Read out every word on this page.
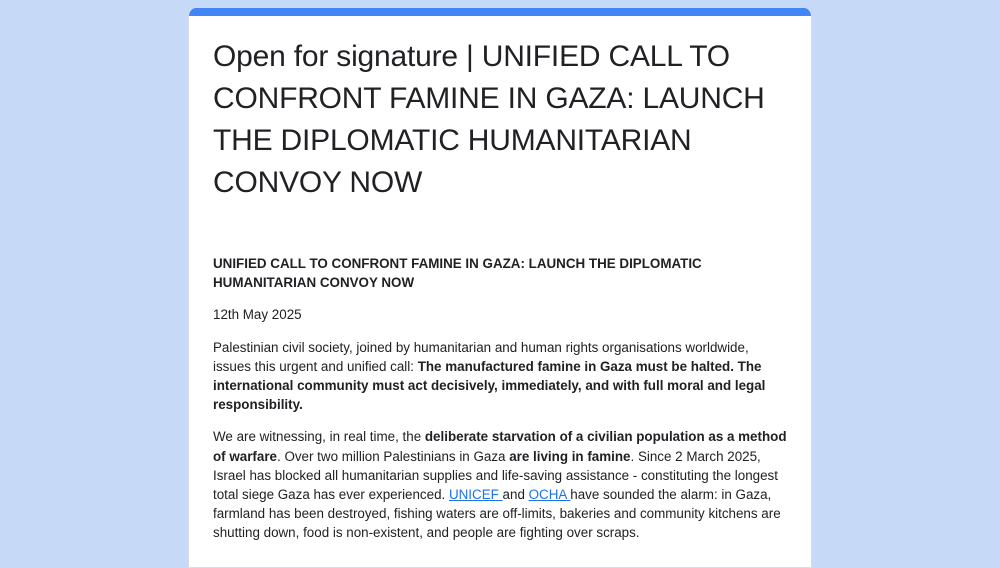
Open for signature | UNIFIED CALL TO CONFRONT FAMINE IN GAZA: LAUNCH THE DIPLOMATIC HUMANITARIAN CONVOY NOW

UNIFIED CALL TO CONFRONT FAMINE IN GAZA: LAUNCH THE DIPLOMATIC HUMANITARIAN CONVOY NOW

12th May 2025

Palestinian civil society, joined by humanitarian and human rights organisations worldwide, issues this urgent and unified call: The manufactured famine in Gaza must be halted. The international community must act decisively, immediately, and with full moral and legal responsibility.

We are witnessing, in real time, the deliberate starvation of a civilian population as a method of warfare. Over two million Palestinians in Gaza are living in famine. Since 2 March 2025, Israel has blocked all humanitarian supplies and life-saving assistance - constituting the longest total siege Gaza has ever experienced. UNICEF and OCHA have sounded the alarm: in Gaza, farmland has been destroyed, fishing waters are off-limits, bakeries and community kitchens are shutting down, food is non-existent, and people are fighting over scraps.
